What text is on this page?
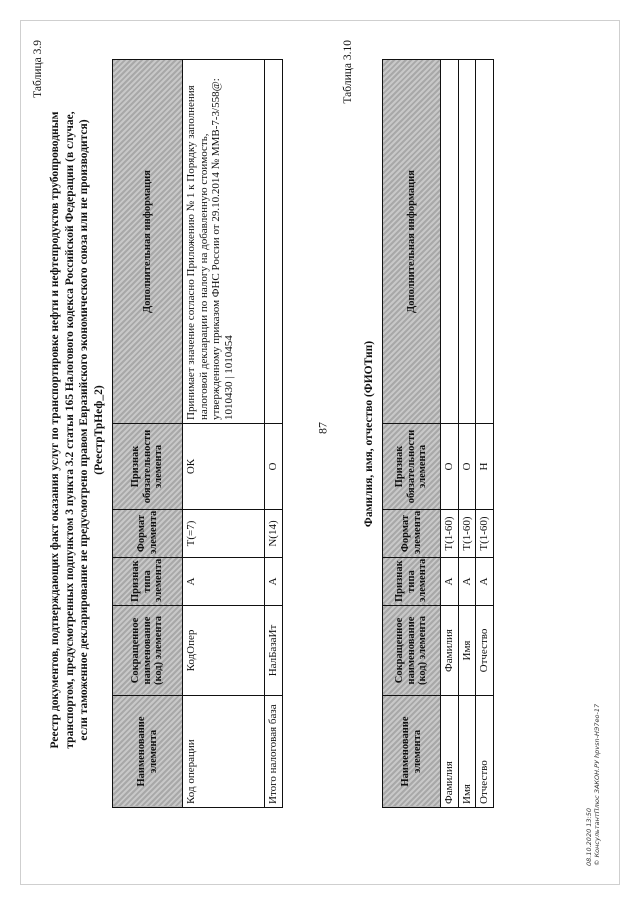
87
Таблица 3.9
Реестр документов, подтверждающих факт оказания услуг по транспортировке нефти и нефтепродуктов трубопроводным транспортом, предусмотренных подпунктом 3 пункта 3.2 статьи 165 Налогового кодекса Российской Федерации (в случае, если таможенное декларирование не предусмотрено правом Евразийского экономического союза или не производится) (РеестрТрНеф_2)
Наименование элемента	Сокращенное наименование (код) элемента	Признак типа элемента	Формат элемента	Признак обязательности элемента	Дополнительная информация
Код операции	КодОпер	А	T(=7)	ОК	Принимает значение согласно Приложению № 1 к Порядку заполнения налоговой декларации по налогу на добавленную стоимость, утвержденному приказом ФНС России от 29.10.2014 № ММВ-7-3/558@: 1010430 | 1010454
Итого налоговая база	НалБазаИт	А	N(14)	О	
Таблица 3.10
Фамилия, имя, отчество (ФИОТип)
Наименование элемента	Сокращенное наименование (код) элемента	Признак типа элемента	Формат элемента	Признак обязательности элемента	Дополнительная информация
Фамилия	Фамилия	А	T(1-60)	О	
Имя	Имя	А	T(1-60)	О	
Отчество	Отчество	А	T(1-60)	Н	
08.10.2020 13:50 © КонсультантПлюс ЗАКОН.РУ hpvsn-НЭ7ео-17
